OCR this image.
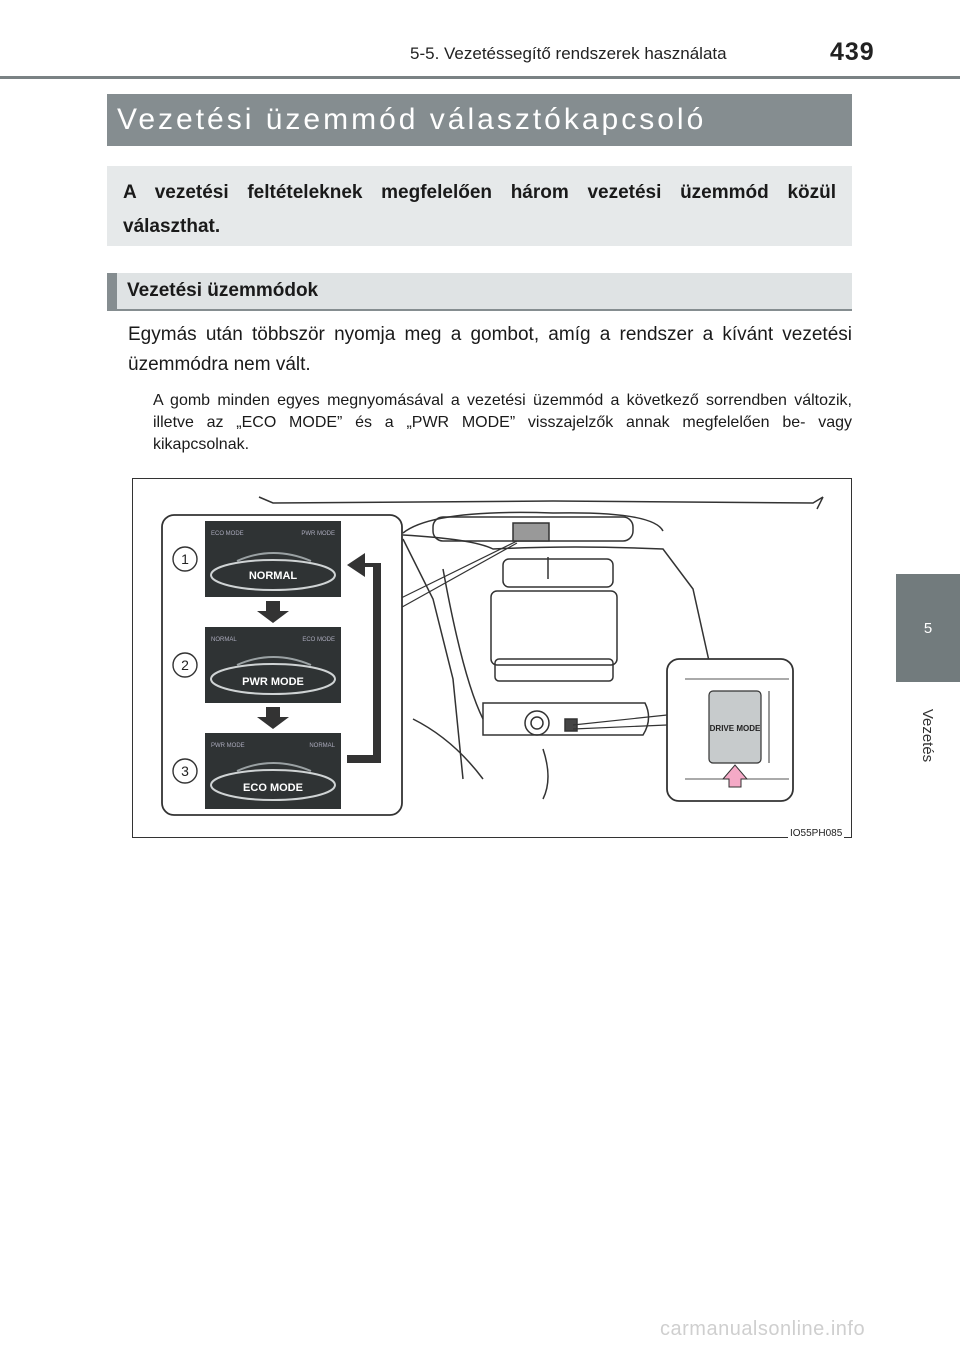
5-5. Vezetéssegítő rendszerek használata	439
5
Vezetés
Vezetési üzemmód választókapcsoló
A vezetési feltételeknek megfelelően három vezetési üzemmód közül választhat.
Vezetési üzemmódok
Egymás után többször nyomja meg a gombot, amíg a rendszer a kívánt vezetési üzemmódra nem vált.
A gomb minden egyes megnyomásával a vezetési üzemmód a következő sorrendben változik, illetve az „ECO MODE” és a „PWR MODE” visszajelzők annak megfelelően be- vagy kikapcsolnak.
1
2
3
NORMAL
ECO MODE	PWR MODE
PWR MODE
NORMAL	ECO MODE
ECO MODE
PWR MODE	NORMAL
DRIVE MODE
IO55PH085
carmanualsonline.info
